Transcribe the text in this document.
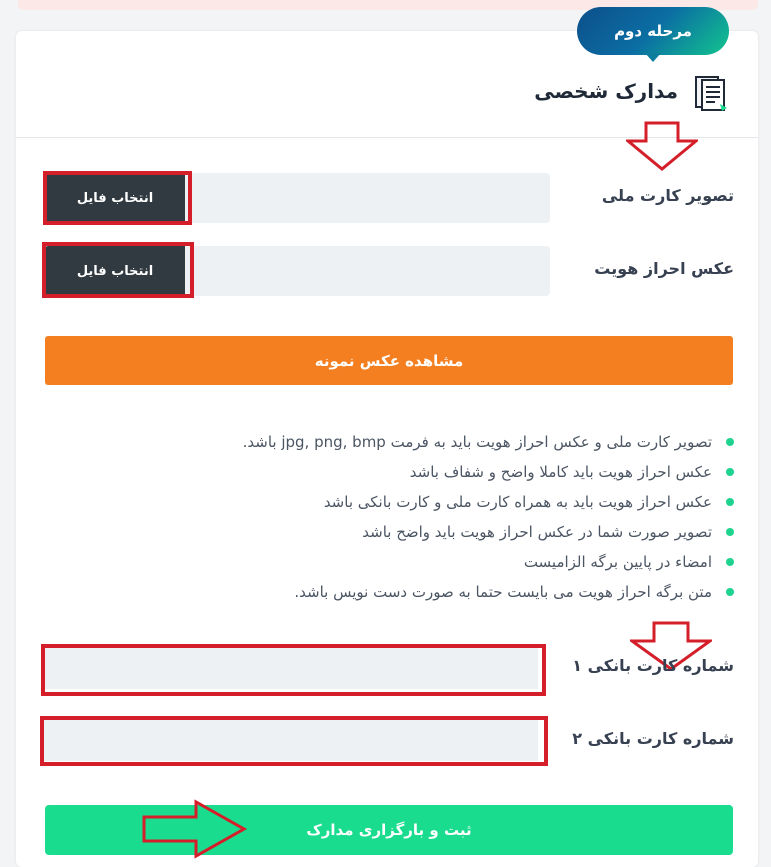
مرحله دوم
مدارک شخصی
تصویر کارت ملی
انتخاب فایل
عکس احراز هویت
انتخاب فایل
مشاهده عکس نمونه
تصویر کارت ملی و عکس احراز هویت باید به فرمت jpg, png, bmp باشد.
عکس احراز هویت باید کاملا واضح و شفاف باشد
عکس احراز هویت باید به همراه کارت ملی و کارت بانکی باشد
تصویر صورت شما در عکس احراز هویت باید واضح باشد
امضاء در پایین برگه الزامیست
متن برگه احراز هویت می بایست حتما به صورت دست نویس باشد.
شماره کارت بانکی ۱
شماره کارت بانکی ۲
ثبت و بارگزاری مدارک
